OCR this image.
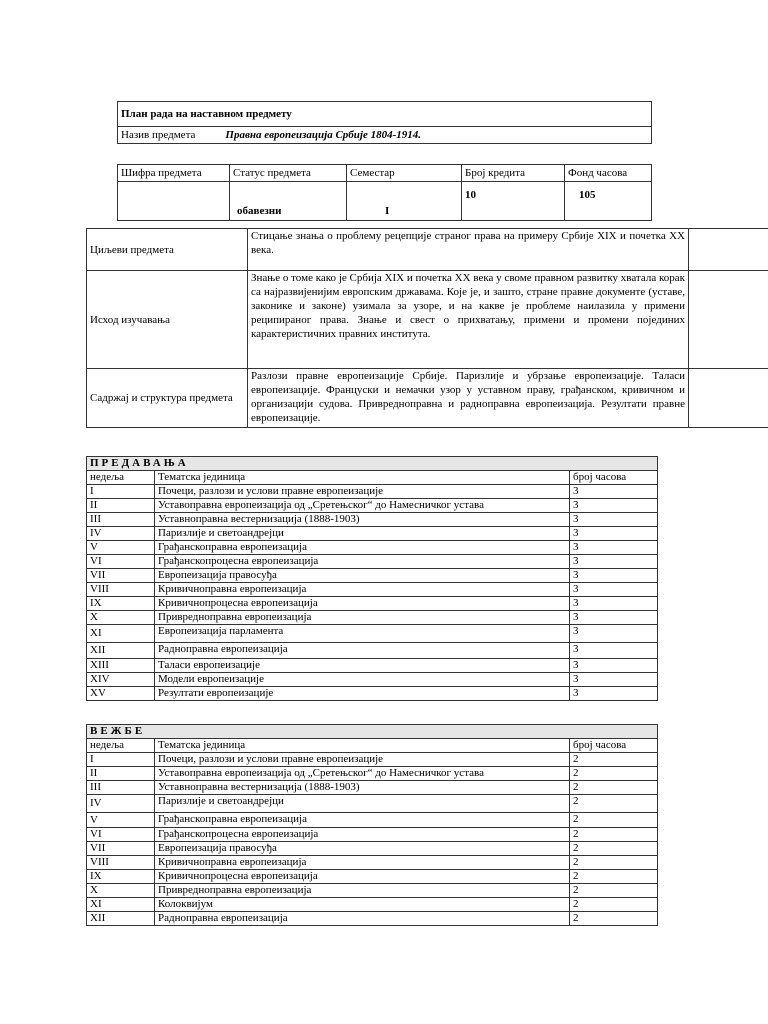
План рада на наставном предмету
Назив предмета	Правна европеизација Србије 1804-1914.
Шифра предмета	Статус предмета	Семестар	Број кредита	Фонд часова
	обавезни	I	10	105
Циљеви предмета	Стицање знања о проблему рецепције страног права на примеру Србије XIX и почетка XX века.	
Исход изучавања	Знање о томе како је Србија XIX и почетка XX века у своме правном развитку хватала корак са најразвијенијим европским државама. Које је, и зашто, стране правне документе (уставе, законике и законе) узимала за узоре, и на какве је проблеме наилазила у примени реципираног права. Знање и свест о прихватању, примени и промени појединих карактеристичних правних института.	
Садржај и структура предмета	Разлози правне европеизације Србије. Паризлије и убрзање европеизације. Таласи европеизације. Француски и немачки узор у уставном праву, грађанском, кривичном и организацији судова. Привреднoправна и раднoправна европеизација. Резултати правне европеизације.	
ПРЕДАВАЊА		
недеља	Тематска јединица	број часова
I	Почеци, разлози и услови правне европеизације	3
II	Уставоправна европеизација од „Сретењског“ до Намесничког устава	3
III	Уставноправна вестернизација (1888-1903)	3
IV	Паризлије и светоандрејци	3
V	Грађанскоправна европеизација	3
VI	Грађанскопроцесна европеизација	3
VII	Европеизација правосуђа	3
VIII	Кривичноправна европеизација	3
IX	Кривичнопроцесна европеизација	3
X	Привредноправна европеизација	3
XI	Европеизација парламента	3
XII	Радноправна европеизација	3
XIII	Таласи европеизације	3
XIV	Модели европеизације	3
XV	Резултати европеизације	3
ВЕЖБЕ		
недеља	Тематска јединица	број часова
I	Почеци, разлози и услови правне европеизације	2
II	Уставоправна европеизација од „Сретењског“ до Намесничког устава	2
III	Уставноправна вестернизација (1888-1903)	2
IV	Паризлије и светоандрејци	2
V	Грађанскоправна европеизација	2
VI	Грађанскопроцесна европеизација	2
VII	Европеизација правосуђа	2
VIII	Кривичноправна европеизација	2
IX	Кривичнопроцесна европеизација	2
X	Привредноправна европеизација	2
XI	Колоквијум	2
XII	Радноправна европеизација	2
